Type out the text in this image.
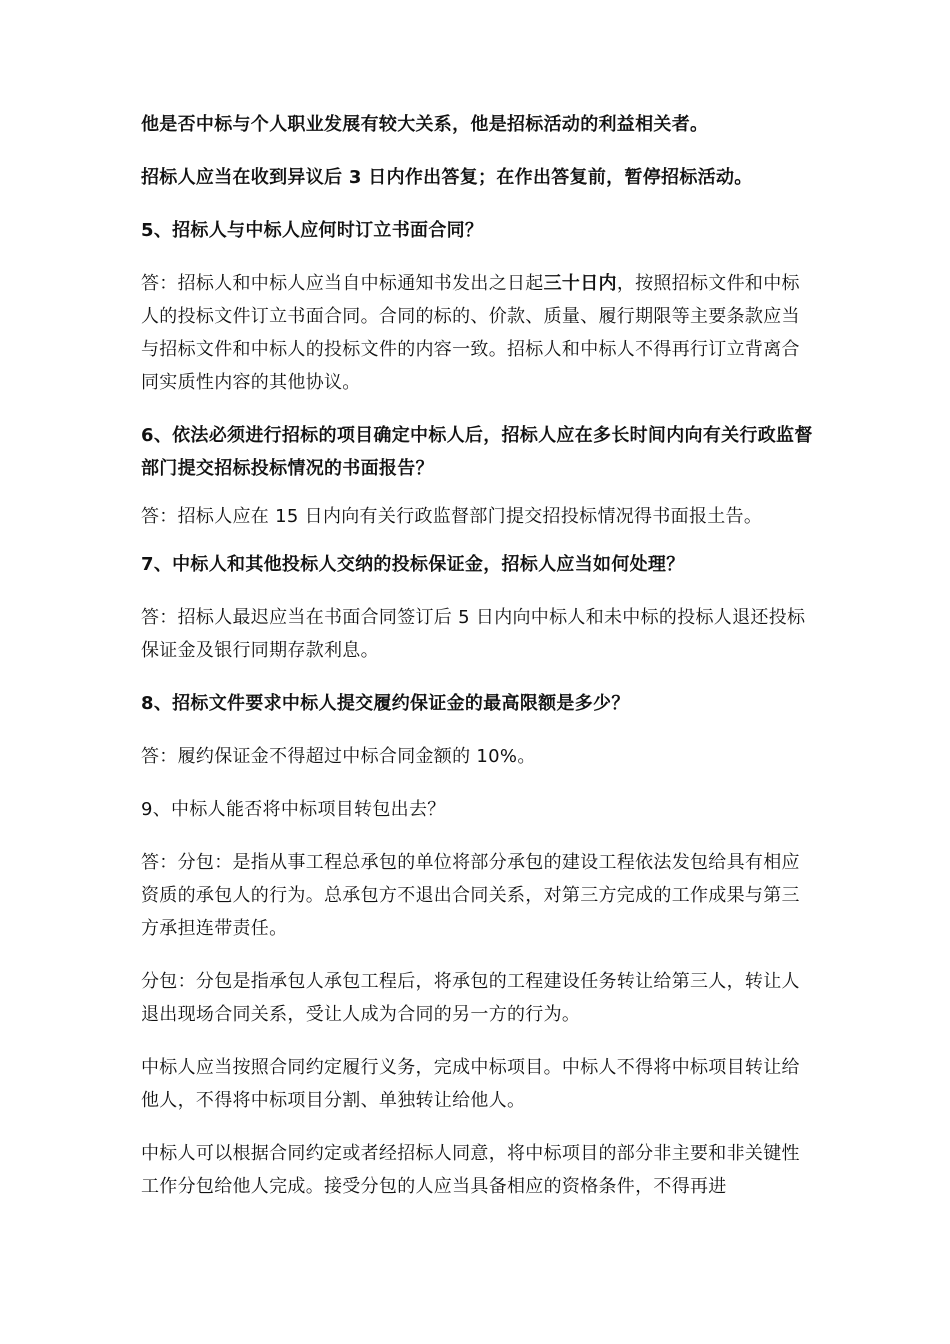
他是否中标与个人职业发展有较大关系，他是招标活动的利益相关者。

招标人应当在收到异议后 3 日内作出答复；在作出答复前，暂停招标活动。

5、招标人与中标人应何时订立书面合同？

答：招标人和中标人应当自中标通知书发出之日起三十日内，按照招标文件和中标人的投标文件订立书面合同。合同的标的、价款、质量、履行期限等主要条款应当与招标文件和中标人的投标文件的内容一致。招标人和中标人不得再行订立背离合同实质性内容的其他协议。

6、依法必须进行招标的项目确定中标人后，招标人应在多长时间内向有关行政监督部门提交招标投标情况的书面报告？

答：招标人应在 15 日内向有关行政监督部门提交招投标情况得书面报土告。

7、中标人和其他投标人交纳的投标保证金，招标人应当如何处理？

答：招标人最迟应当在书面合同签订后 5 日内向中标人和未中标的投标人退还投标保证金及银行同期存款利息。

8、招标文件要求中标人提交履约保证金的最高限额是多少？

答：履约保证金不得超过中标合同金额的 10%。

9、中标人能否将中标项目转包出去？

答：分包：是指从事工程总承包的单位将部分承包的建设工程依法发包给具有相应资质的承包人的行为。总承包方不退出合同关系，对第三方完成的工作成果与第三方承担连带责任。

分包：分包是指承包人承包工程后，将承包的工程建设任务转让给第三人，转让人退出现场合同关系，受让人成为合同的另一方的行为。

中标人应当按照合同约定履行义务，完成中标项目。中标人不得将中标项目转让给他人，不得将中标项目分割、单独转让给他人。

中标人可以根据合同约定或者经招标人同意，将中标项目的部分非主要和非关键性工作分包给他人完成。接受分包的人应当具备相应的资格条件，不得再进
